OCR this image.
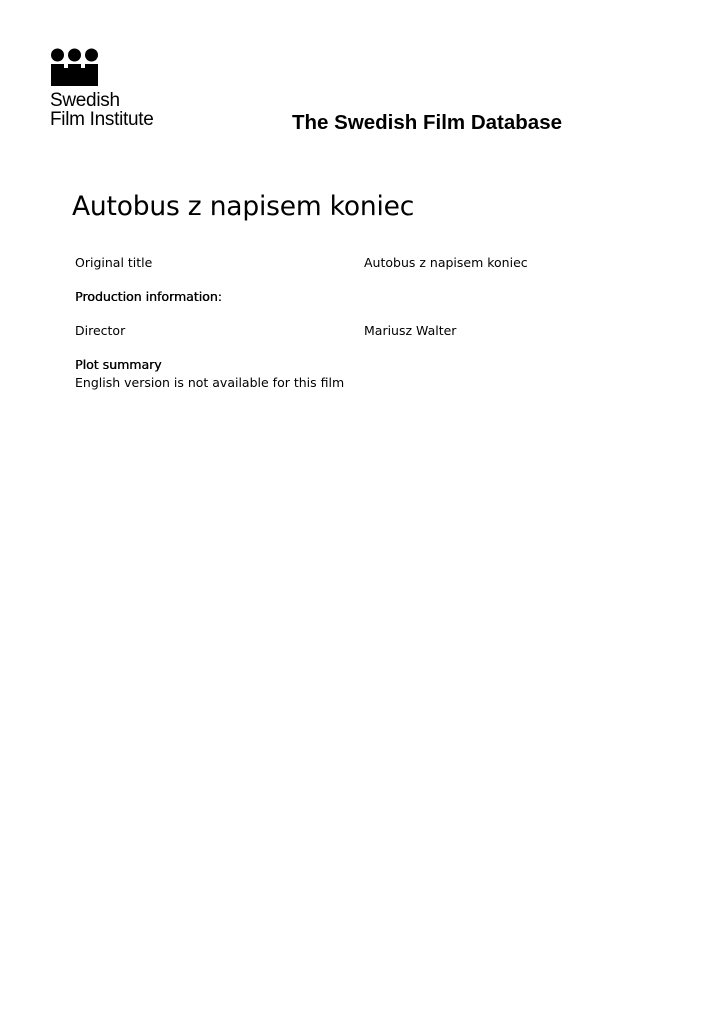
Swedish
Film Institute	The Swedish Film Database
Autobus z napisem koniec
Original title	Autobus z napisem koniec
Production information:
Director	Mariusz Walter
Plot summary
English version is not available for this film
